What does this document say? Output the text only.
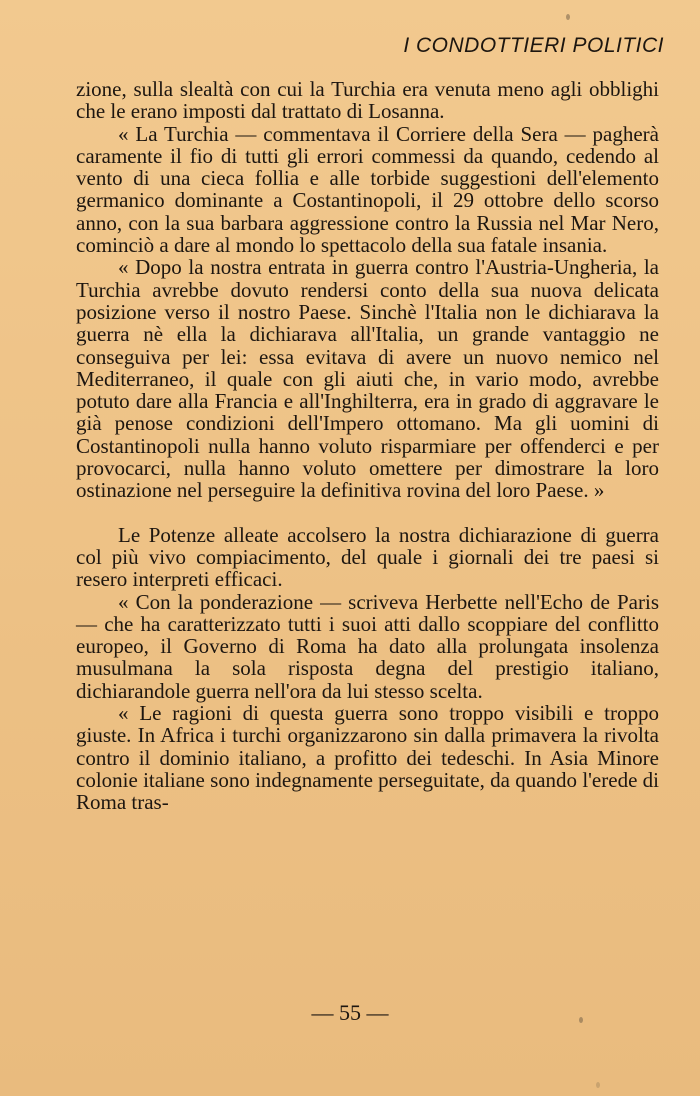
I CONDOTTIERI POLITICI

zione, sulla slealtà con cui la Turchia era venuta meno agli obblighi che le erano imposti dal trattato di Losanna.

« La Turchia — commentava il Corriere della Sera — pagherà caramente il fio di tutti gli errori commessi da quando, cedendo al vento di una cieca follia e alle torbide suggestioni dell'elemento germanico dominante a Costantinopoli, il 29 ottobre dello scorso anno, con la sua barbara aggressione contro la Russia nel Mar Nero, cominciò a dare al mondo lo spettacolo della sua fatale insania.

« Dopo la nostra entrata in guerra contro l'Austria-Ungheria, la Turchia avrebbe dovuto rendersi conto della sua nuova delicata posizione verso il nostro Paese. Sinchè l'Italia non le dichiarava la guerra nè ella la dichiarava all'Italia, un grande vantaggio ne conseguiva per lei: essa evitava di avere un nuovo nemico nel Mediterraneo, il quale con gli aiuti che, in vario modo, avrebbe potuto dare alla Francia e all'Inghilterra, era in grado di aggravare le già penose condizioni dell'Impero ottomano. Ma gli uomini di Costantinopoli nulla hanno voluto risparmiare per offenderci e per provocarci, nulla hanno voluto omettere per dimostrare la loro ostinazione nel perseguire la definitiva rovina del loro Paese. »

Le Potenze alleate accolsero la nostra dichiarazione di guerra col più vivo compiacimento, del quale i giornali dei tre paesi si resero interpreti efficaci.

« Con la ponderazione — scriveva Herbette nell'Echo de Paris — che ha caratterizzato tutti i suoi atti dallo scoppiare del conflitto europeo, il Governo di Roma ha dato alla prolungata insolenza musulmana la sola risposta degna del prestigio italiano, dichiarandole guerra nell'ora da lui stesso scelta.

« Le ragioni di questa guerra sono troppo visibili e troppo giuste. In Africa i turchi organizzarono sin dalla primavera la rivolta contro il dominio italiano, a profitto dei tedeschi. In Asia Minore colonie italiane sono indegnamente perseguitate, da quando l'erede di Roma tras-

— 55 —
